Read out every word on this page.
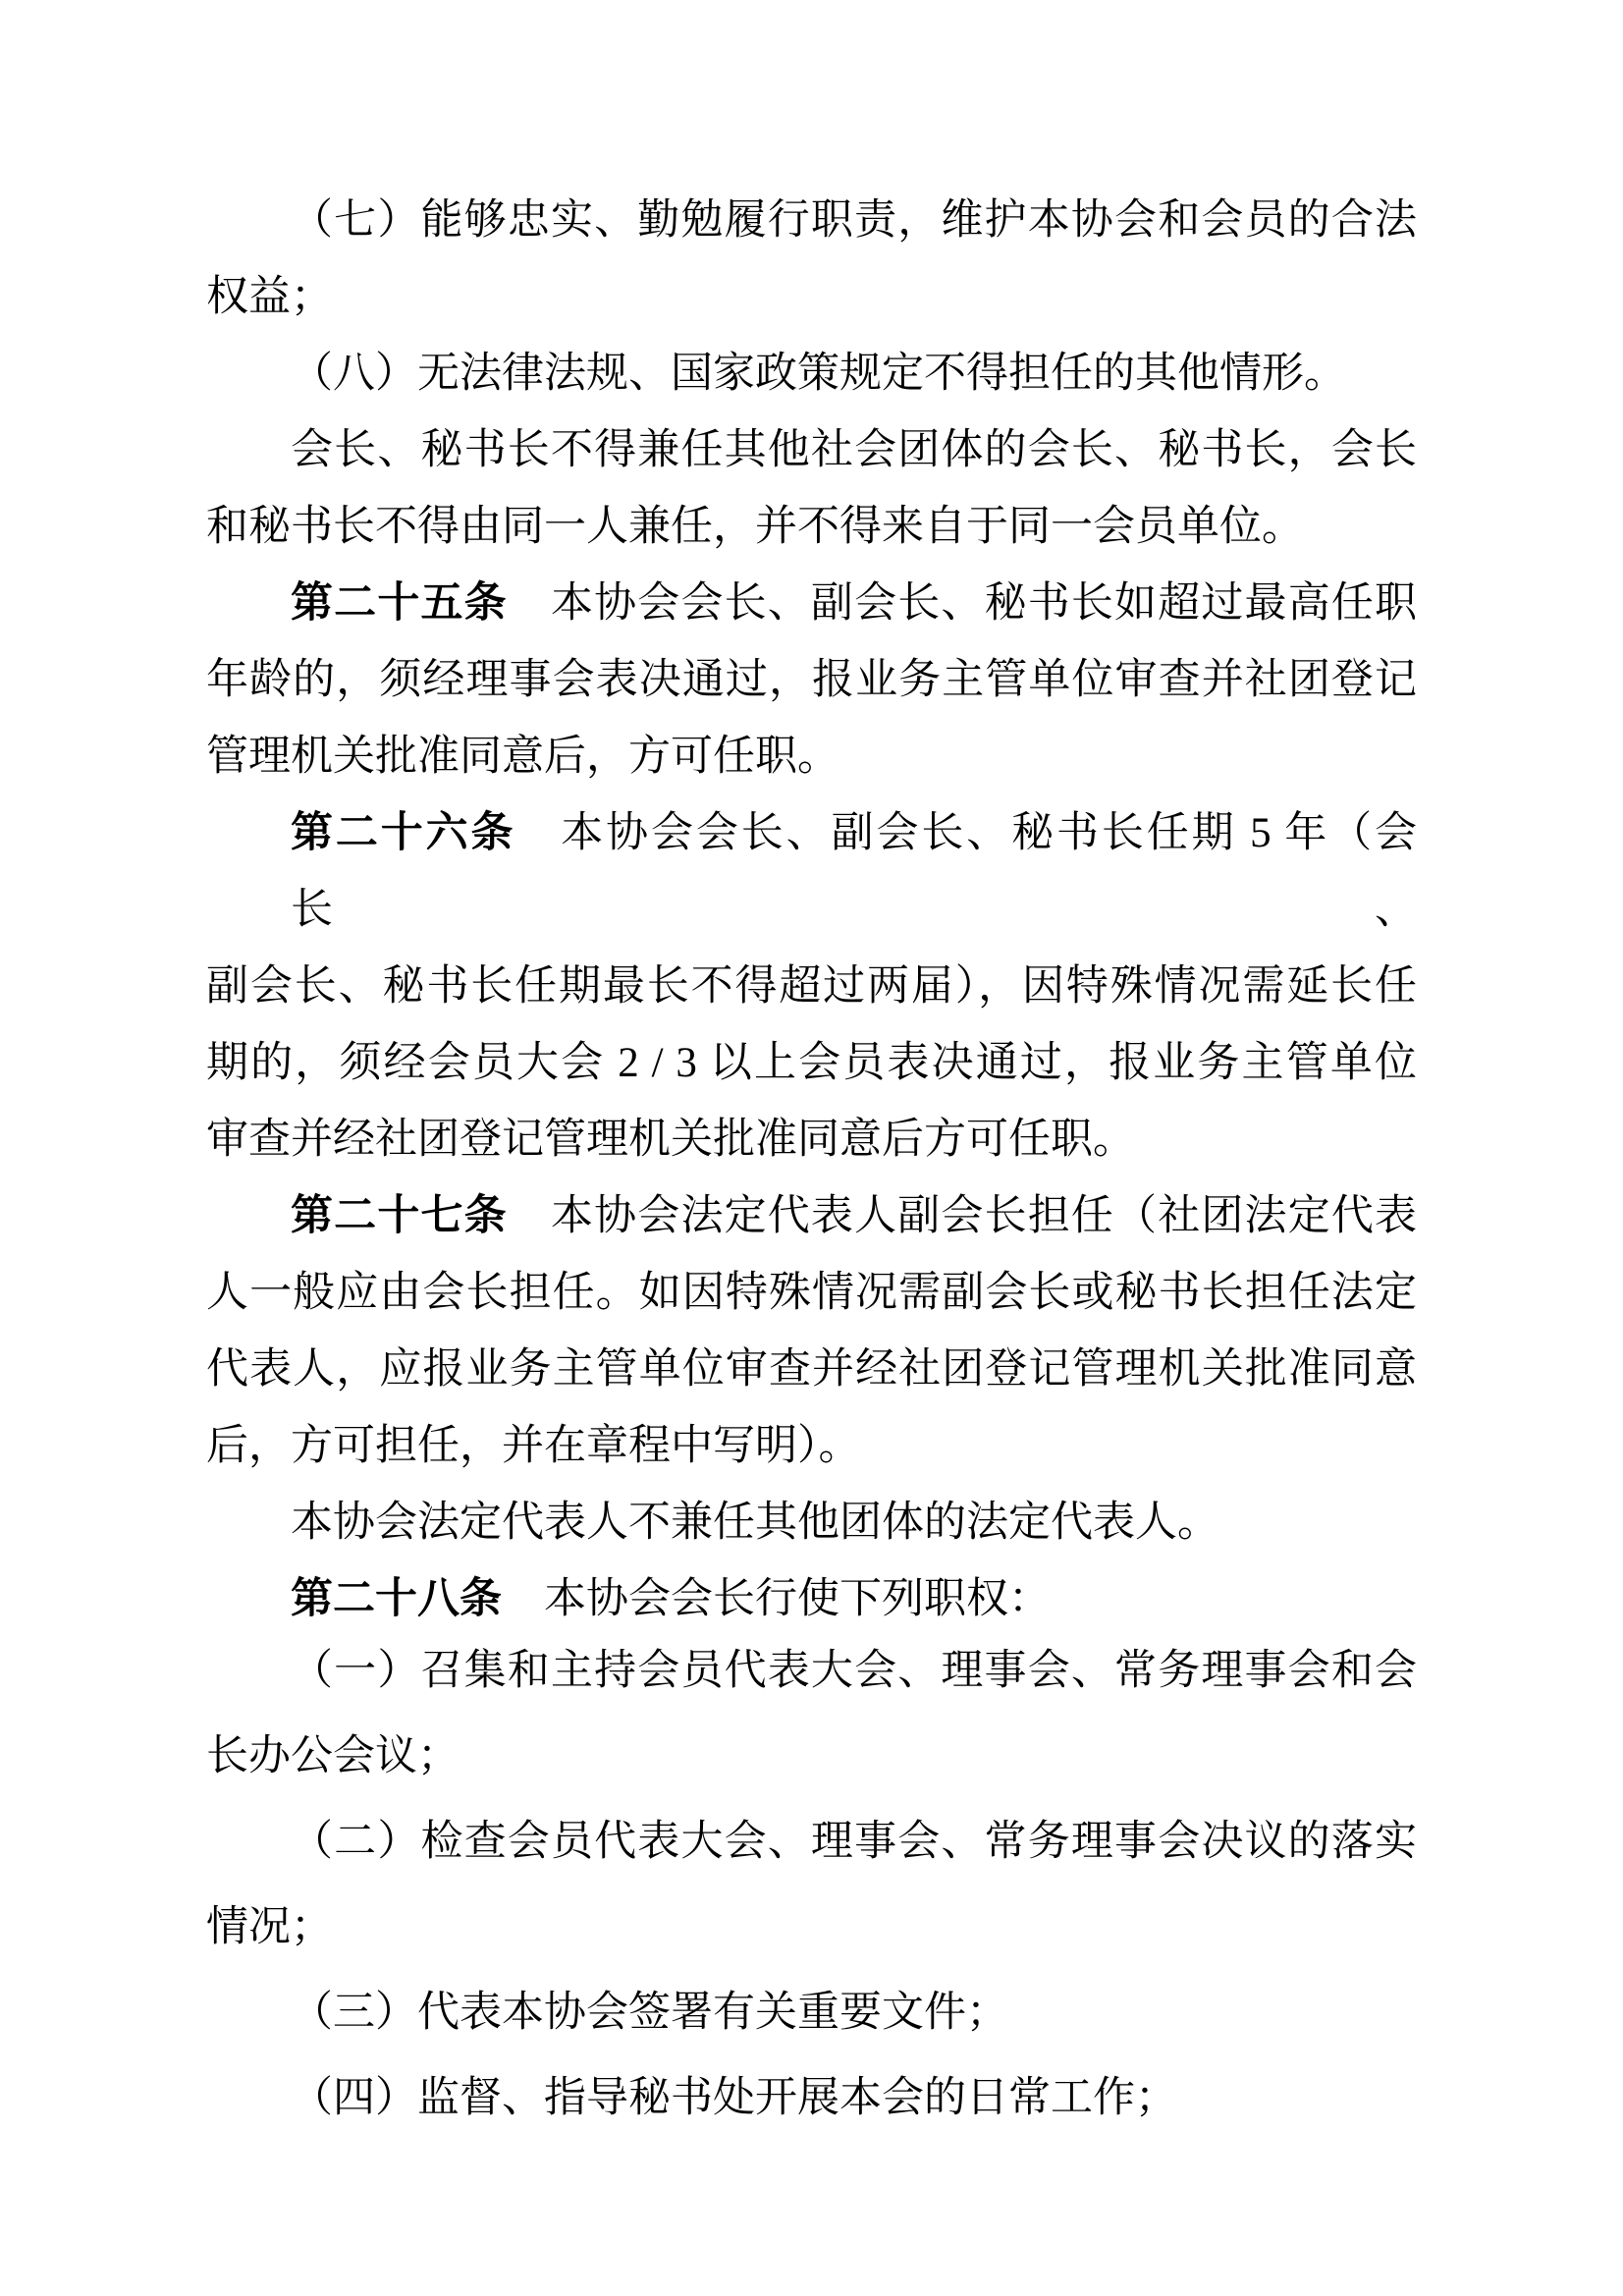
（七）能够忠实、勤勉履行职责，维护本协会和会员的合法
权益；
（八）无法律法规、国家政策规定不得担任的其他情形。
会长、秘书长不得兼任其他社会团体的会长、秘书长，会长
和秘书长不得由同一人兼任，并不得来自于同一会员单位。
第二十五条　本协会会长、副会长、秘书长如超过最高任职
年龄的，须经理事会表决通过，报业务主管单位审查并社团登记
管理机关批准同意后，方可任职。
第二十六条　本协会会长、副会长、秘书长任期 5 年（会长、
副会长、秘书长任期最长不得超过两届），因特殊情况需延长任
期的，须经会员大会 2 / 3 以上会员表决通过，报业务主管单位
审查并经社团登记管理机关批准同意后方可任职。
第二十七条　本协会法定代表人副会长担任（社团法定代表
人一般应由会长担任。如因特殊情况需副会长或秘书长担任法定
代表人，应报业务主管单位审查并经社团登记管理机关批准同意
后，方可担任，并在章程中写明）。
本协会法定代表人不兼任其他团体的法定代表人。
第二十八条　本协会会长行使下列职权：
（一）召集和主持会员代表大会、理事会、常务理事会和会
长办公会议；
（二）检查会员代表大会、理事会、常务理事会决议的落实
情况；
（三）代表本协会签署有关重要文件；
（四）监督、指导秘书处开展本会的日常工作；
